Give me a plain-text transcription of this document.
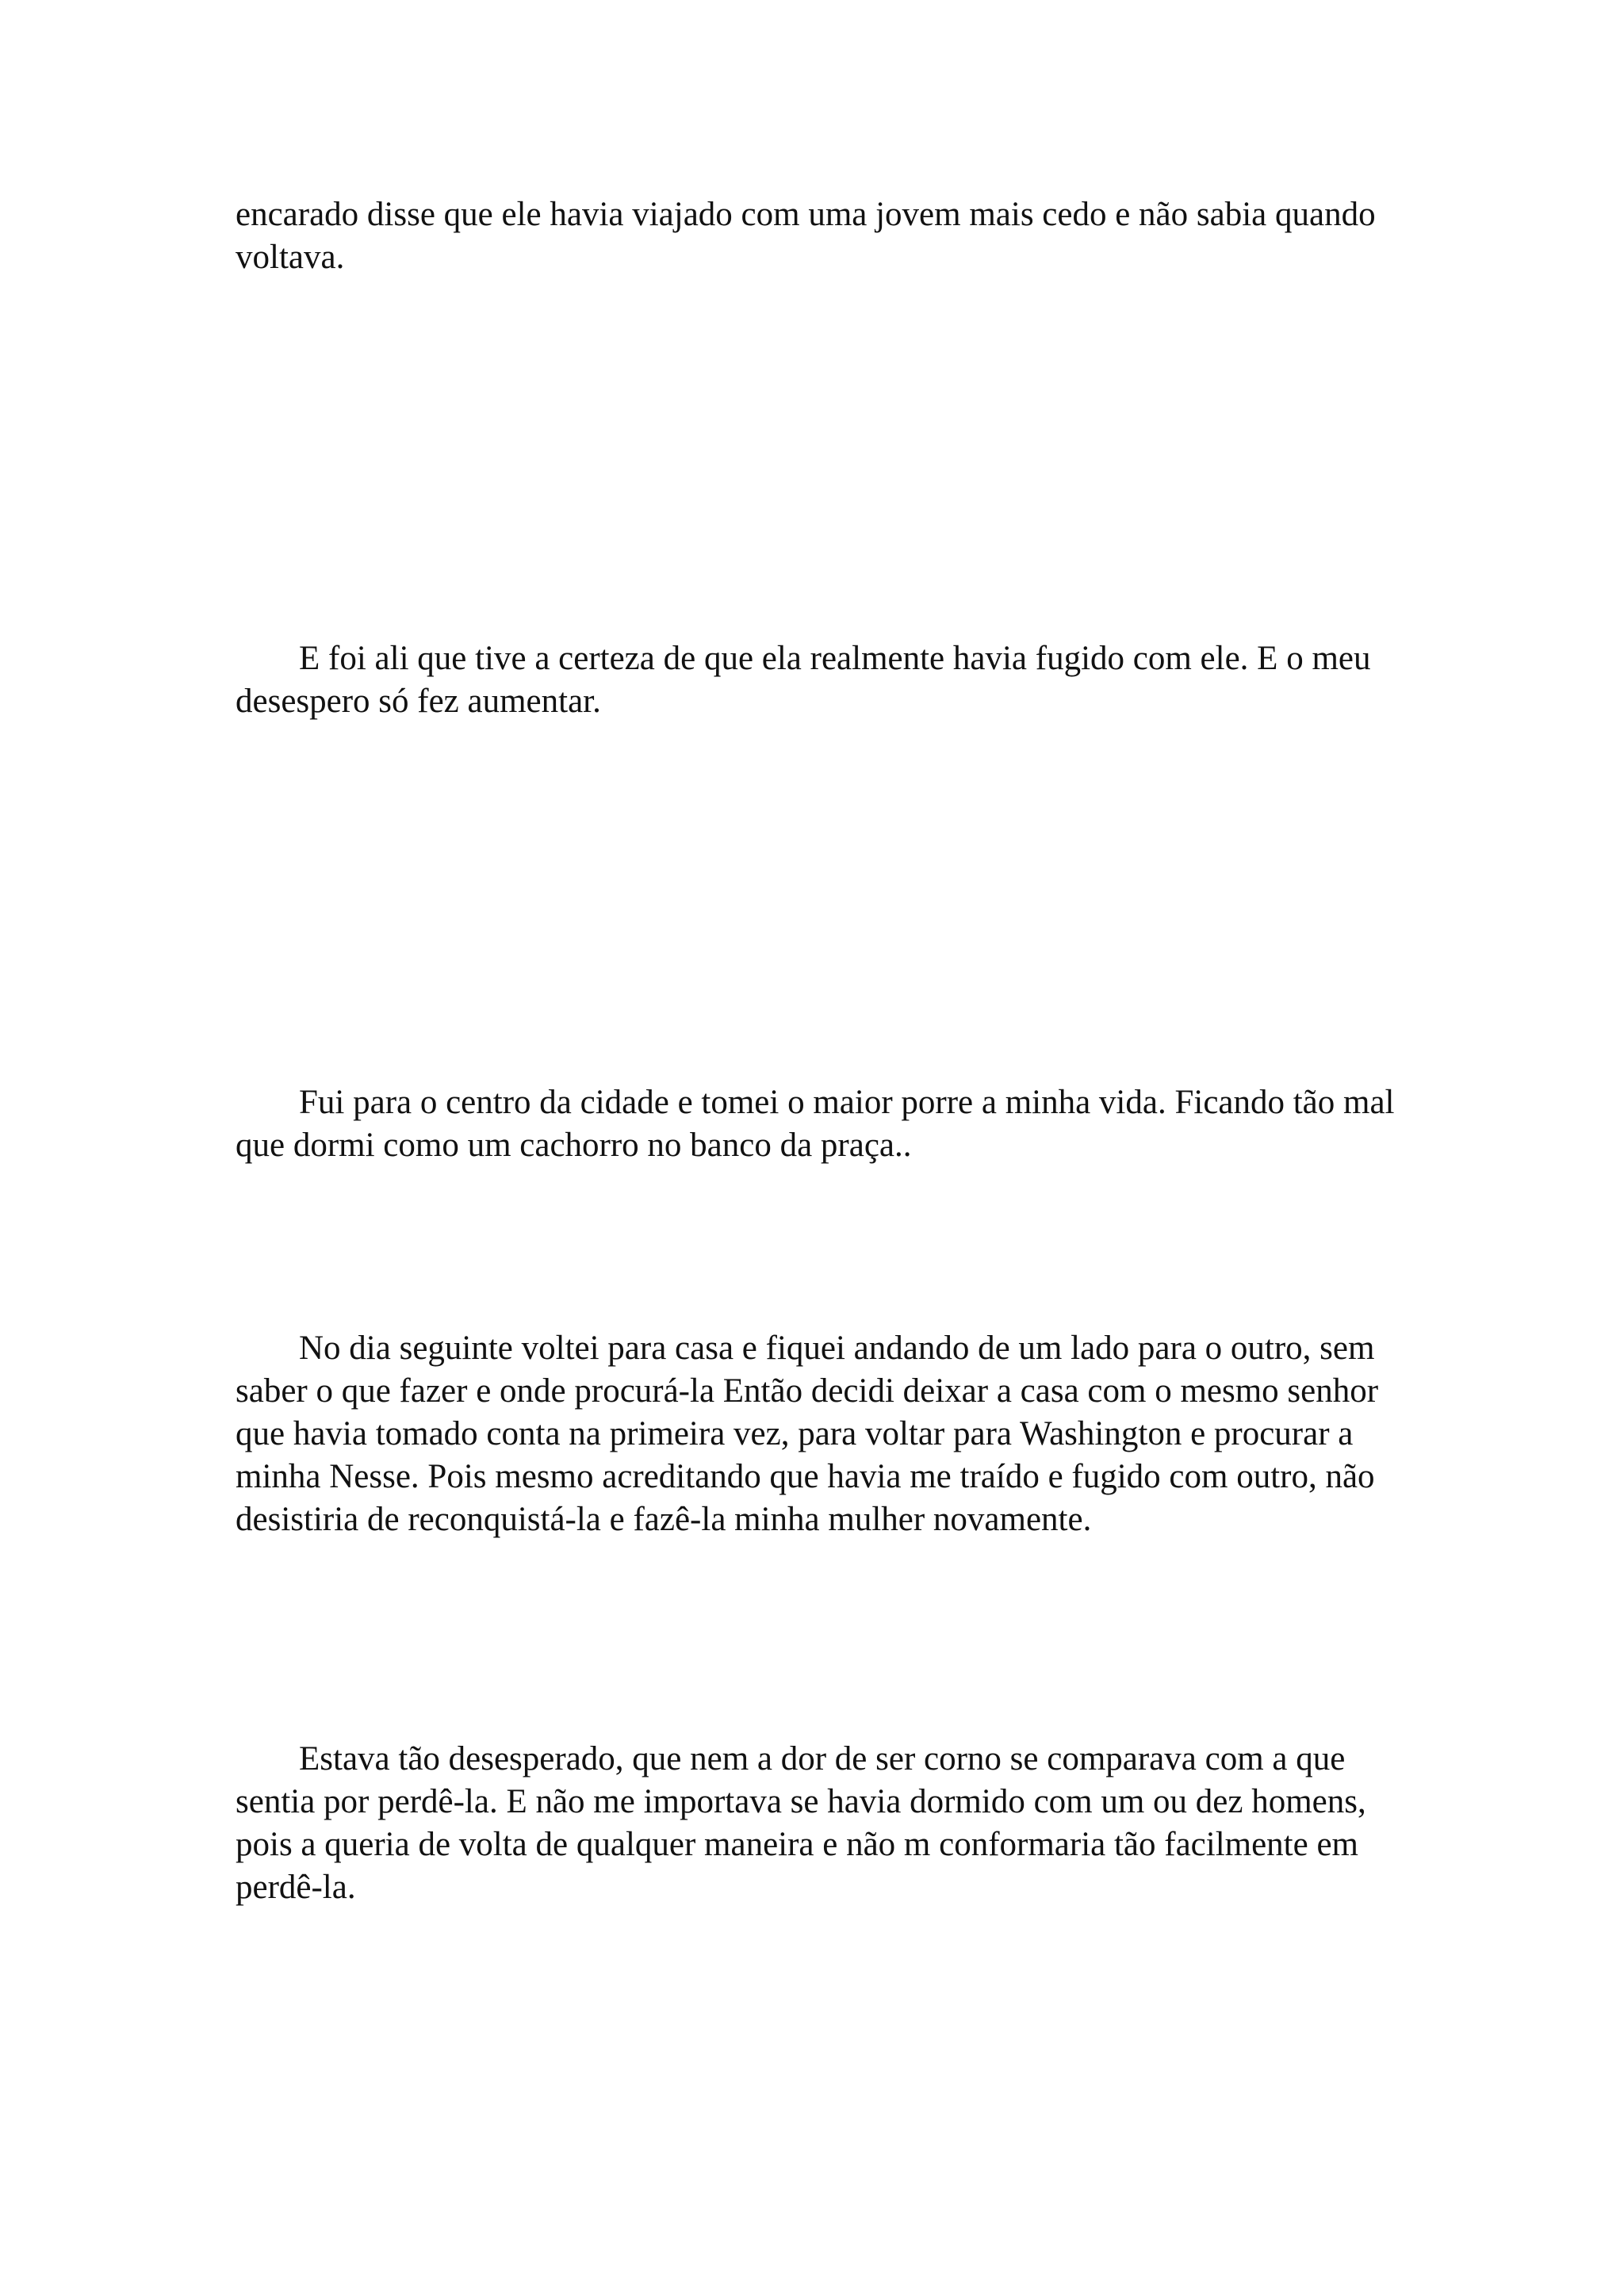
encarado disse que ele havia viajado com uma jovem mais cedo e não sabia quando voltava.

E foi ali que tive a certeza de que ela realmente havia fugido com ele. E o meu desespero só fez aumentar.

Fui para o centro da cidade e tomei o maior porre a minha vida. Ficando tão mal que dormi como um cachorro no banco da praça..

No dia seguinte voltei para casa e fiquei andando de um lado para o outro, sem saber o que fazer e onde procurá-la Então decidi deixar a casa com o mesmo senhor que havia tomado conta na primeira vez, para voltar para Washington e procurar a minha Nesse. Pois mesmo acreditando que havia me traído e fugido com outro, não desistiria de reconquistá-la e fazê-la minha mulher novamente.

Estava tão desesperado, que nem a dor de ser corno se comparava com a que sentia por perdê-la. E não me importava se havia dormido com um ou dez homens, pois a queria de volta de qualquer maneira e não m conformaria tão facilmente em perdê-la.
